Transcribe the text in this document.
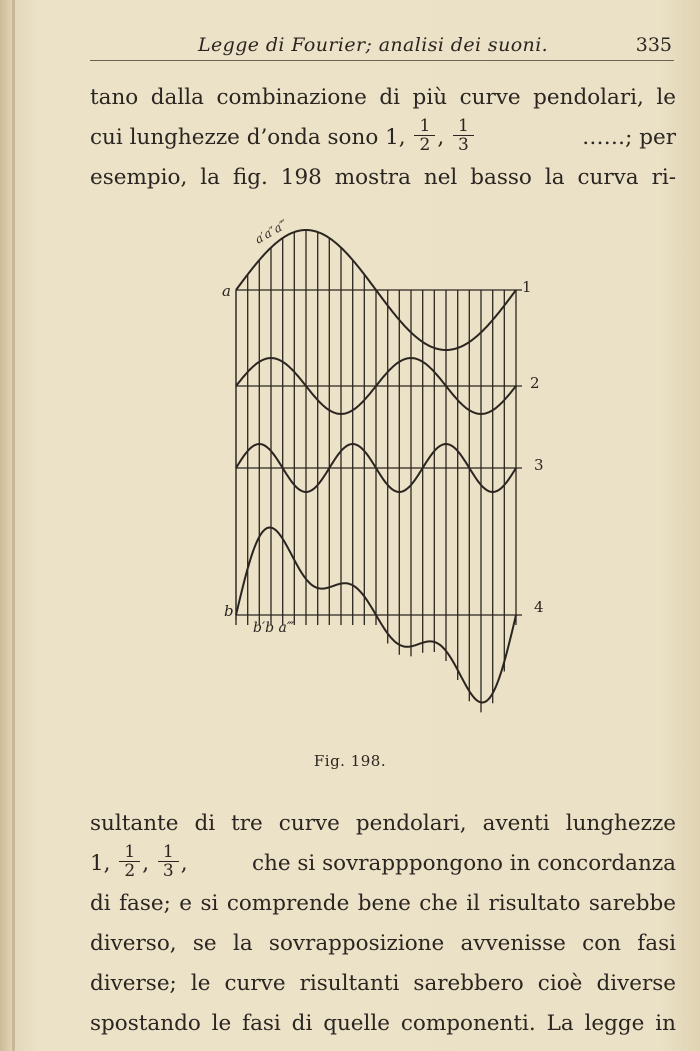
Legge di Fourier; analisi dei suoni.	335
tano dalla combinazione di più curve pendolari, le
cui lunghezze d’onda sono 1, $\frac{1}{2}$ , $\frac{1}{3}$	……; per
esempio, la fig. 198 mostra nel basso la curva ri-
1
2
3
4
a
b
b′b a‴
a′a″a‴
Fig. 198.
sultante di tre curve pendolari, aventi lunghezze
1, $\frac{1}{2}$ , $\frac{1}{3}$ ,	che si sovrapppongono in concordanza
di fase; e si comprende bene che il risultato sarebbe
diverso, se la sovrapposizione avvenisse con fasi
diverse; le curve risultanti sarebbero cioè diverse
spostando le fasi di quelle componenti. La legge in
